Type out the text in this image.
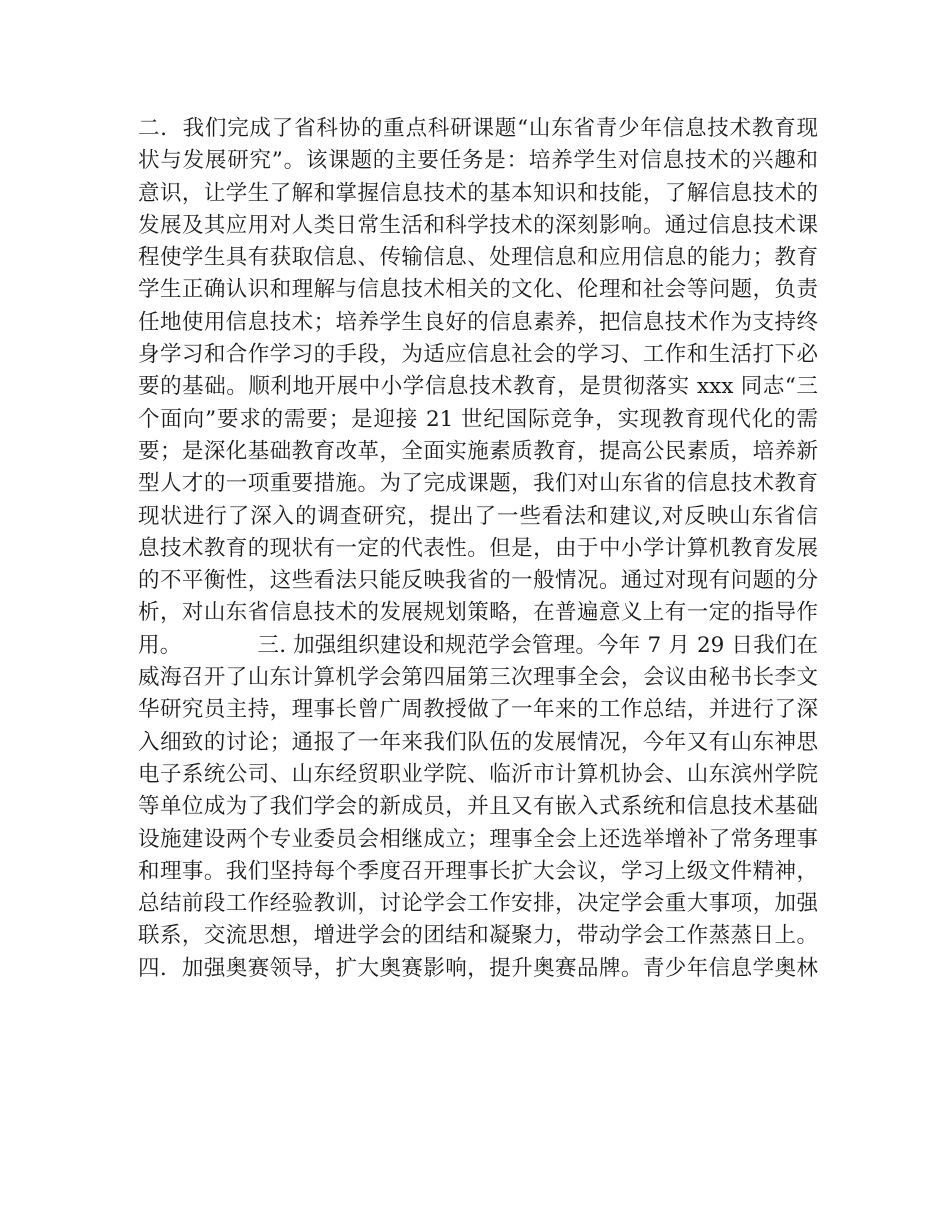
二．我们完成了省科协的重点科研课题“山东省青少年信息技术教育现
状与发展研究”。该课题的主要任务是：培养学生对信息技术的兴趣和
意识，让学生了解和掌握信息技术的基本知识和技能，了解信息技术的
发展及其应用对人类日常生活和科学技术的深刻影响。通过信息技术课
程使学生具有获取信息、传输信息、处理信息和应用信息的能力；教育
学生正确认识和理解与信息技术相关的文化、伦理和社会等问题，负责
任地使用信息技术；培养学生良好的信息素养，把信息技术作为支持终
身学习和合作学习的手段，为适应信息社会的学习、工作和生活打下必
要的基础。顺利地开展中小学信息技术教育，是贯彻落实 xxx 同志“三
个面向”要求的需要；是迎接 21 世纪国际竞争，实现教育现代化的需
要；是深化基础教育改革，全面实施素质教育，提高公民素质，培养新
型人才的一项重要措施。为了完成课题，我们对山东省的信息技术教育
现状进行了深入的调查研究，提出了一些看法和建议,对反映山东省信
息技术教育的现状有一定的代表性。但是，由于中小学计算机教育发展
的不平衡性，这些看法只能反映我省的一般情况。通过对现有问题的分
析，对山东省信息技术的发展规划策略，在普遍意义上有一定的指导作
用。　　　　三. 加强组织建设和规范学会管理。今年 7 月 29 日我们在
威海召开了山东计算机学会第四届第三次理事全会，会议由秘书长李文
华研究员主持，理事长曾广周教授做了一年来的工作总结，并进行了深
入细致的讨论；通报了一年来我们队伍的发展情况，今年又有山东神思
电子系统公司、山东经贸职业学院、临沂市计算机协会、山东滨州学院
等单位成为了我们学会的新成员，并且又有嵌入式系统和信息技术基础
设施建设两个专业委员会相继成立；理事全会上还选举增补了常务理事
和理事。我们坚持每个季度召开理事长扩大会议，学习上级文件精神，
总结前段工作经验教训，讨论学会工作安排，决定学会重大事项，加强
联系，交流思想，增进学会的团结和凝聚力，带动学会工作蒸蒸日上。
四．加强奥赛领导，扩大奥赛影响，提升奥赛品牌。青少年信息学奥林
